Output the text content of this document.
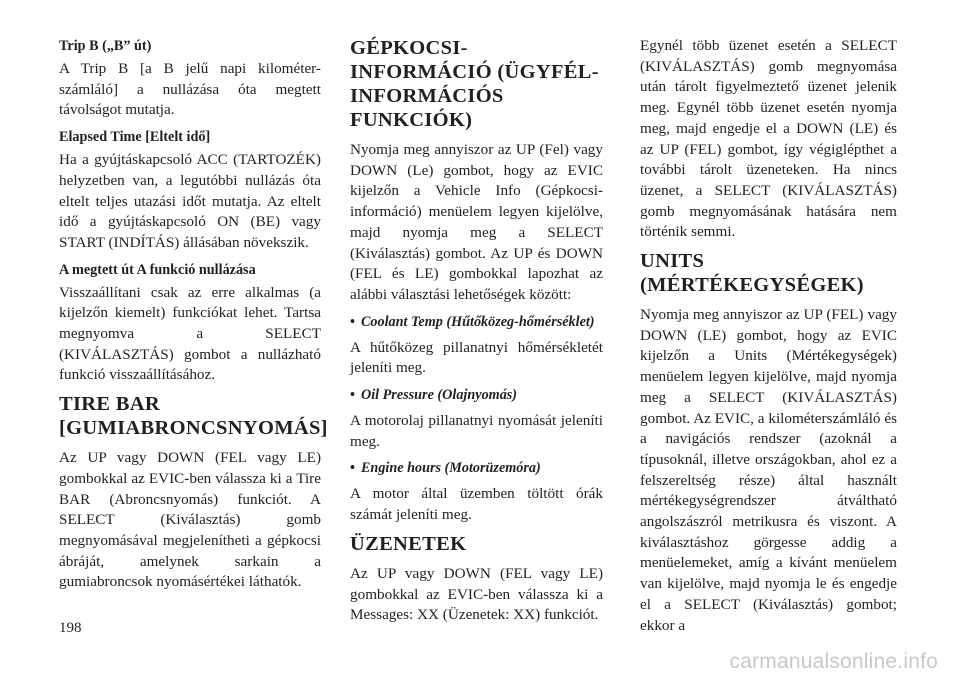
Trip B („B” út)

A Trip B [a B jelű napi kilométer-számláló] a nullázása óta megtett távolságot mutatja.

Elapsed Time [Eltelt idő]

Ha a gyújtáskapcsoló ACC (TARTOZÉK) helyzetben van, a legutóbbi nullázás óta eltelt teljes utazási időt mutatja. Az eltelt idő a gyújtáskapcsoló ON (BE) vagy START (INDÍTÁS) állásában növekszik.

A megtett út A funkció nullázása

Visszaállítani csak az erre alkalmas (a kijelzőn kiemelt) funkciókat lehet. Tartsa megnyomva a SELECT (KIVÁLASZTÁS) gombot a nullázható funkció visszaállításához.

TIRE BAR [GUMIABRONCSNYOMÁS]

Az UP vagy DOWN (FEL vagy LE) gombokkal az EVIC-ben válassza ki a Tire BAR (Abroncsnyomás) funkciót. A SELECT (Kiválasztás) gomb megnyomásával megjelenítheti a gépkocsi ábráját, amelynek sarkain a gumiabroncsok nyomásértékei láthatók.

GÉPKOCSI-INFORMÁCIÓ (ÜGYFÉL-INFORMÁCIÓS FUNKCIÓK)

Nyomja meg annyiszor az UP (Fel) vagy DOWN (Le) gombot, hogy az EVIC kijelzőn a Vehicle Info (Gépkocsi-információ) menüelem legyen kijelölve, majd nyomja meg a SELECT (Kiválasztás) gombot. Az UP és DOWN (FEL és LE) gombokkal lapozhat az alábbi választási lehetőségek között:

• Coolant Temp (Hűtőközeg-hőmérséklet)

A hűtőközeg pillanatnyi hőmérsékletét jeleníti meg.

• Oil Pressure (Olajnyomás)

A motorolaj pillanatnyi nyomását jeleníti meg.

• Engine hours (Motorüzemóra)

A motor által üzemben töltött órák számát jeleníti meg.

ÜZENETEK

Az UP vagy DOWN (FEL vagy LE) gombokkal az EVIC-ben válassza ki a Messages: XX (Üzenetek: XX) funkciót.

Egynél több üzenet esetén a SELECT (KIVÁLASZTÁS) gomb megnyomása után tárolt figyelmeztető üzenet jelenik meg. Egynél több üzenet esetén nyomja meg, majd engedje el a DOWN (LE) és az UP (FEL) gombot, így végiglépthet a további tárolt üzeneteken. Ha nincs üzenet, a SELECT (KIVÁLASZTÁS) gomb megnyomásának hatására nem történik semmi.

UNITS (MÉRTÉKEGYSÉGEK)

Nyomja meg annyiszor az UP (FEL) vagy DOWN (LE) gombot, hogy az EVIC kijelzőn a Units (Mértékegységek) menüelem legyen kijelölve, majd nyomja meg a SELECT (KIVÁLASZTÁS) gombot. Az EVIC, a kilométerszámláló és a navigációs rendszer (azoknál a típusoknál, illetve országokban, ahol ez a felszereltség része) által használt mértékegységrendszer átváltható angolszászról metrikusra és viszont. A kiválasztáshoz görgesse addig a menüelemeket, amíg a kívánt menüelem van kijelölve, majd nyomja le és engedje el a SELECT (Kiválasztás) gombot; ekkor a

198
carmanualsonline.info
